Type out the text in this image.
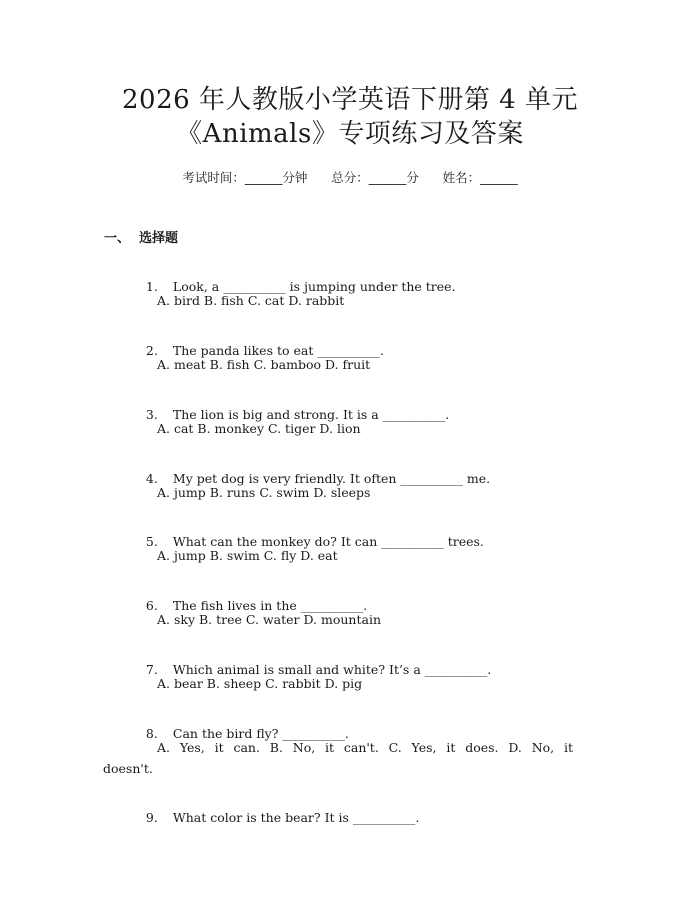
2026 年人教版小学英语下册第 4 单元
《Animals》专项练习及答案
考试时间：______分钟      总分：______分      姓名：______
一、  选择题

1. Look, a __________ is jumping under the tree.

A. bird B. fish C. cat D. rabbit

2. The panda likes to eat __________.

A. meat B. fish C. bamboo D. fruit

3. The lion is big and strong. It is a __________.

A. cat B. monkey C. tiger D. lion

4. My pet dog is very friendly. It often __________ me.

A. jump B. runs C. swim D. sleeps

5. What can the monkey do? It can __________ trees.

A. jump B. swim C. fly D. eat

6. The fish lives in the __________.

A. sky B. tree C. water D. mountain

7. Which animal is small and white? It’s a __________.

A. bear B. sheep C. rabbit D. pig

8. Can the bird fly? __________.

A. Yes, it can. B. No, it can't. C. Yes, it does. D. No, it doesn't.

9. What color is the bear? It is __________.
